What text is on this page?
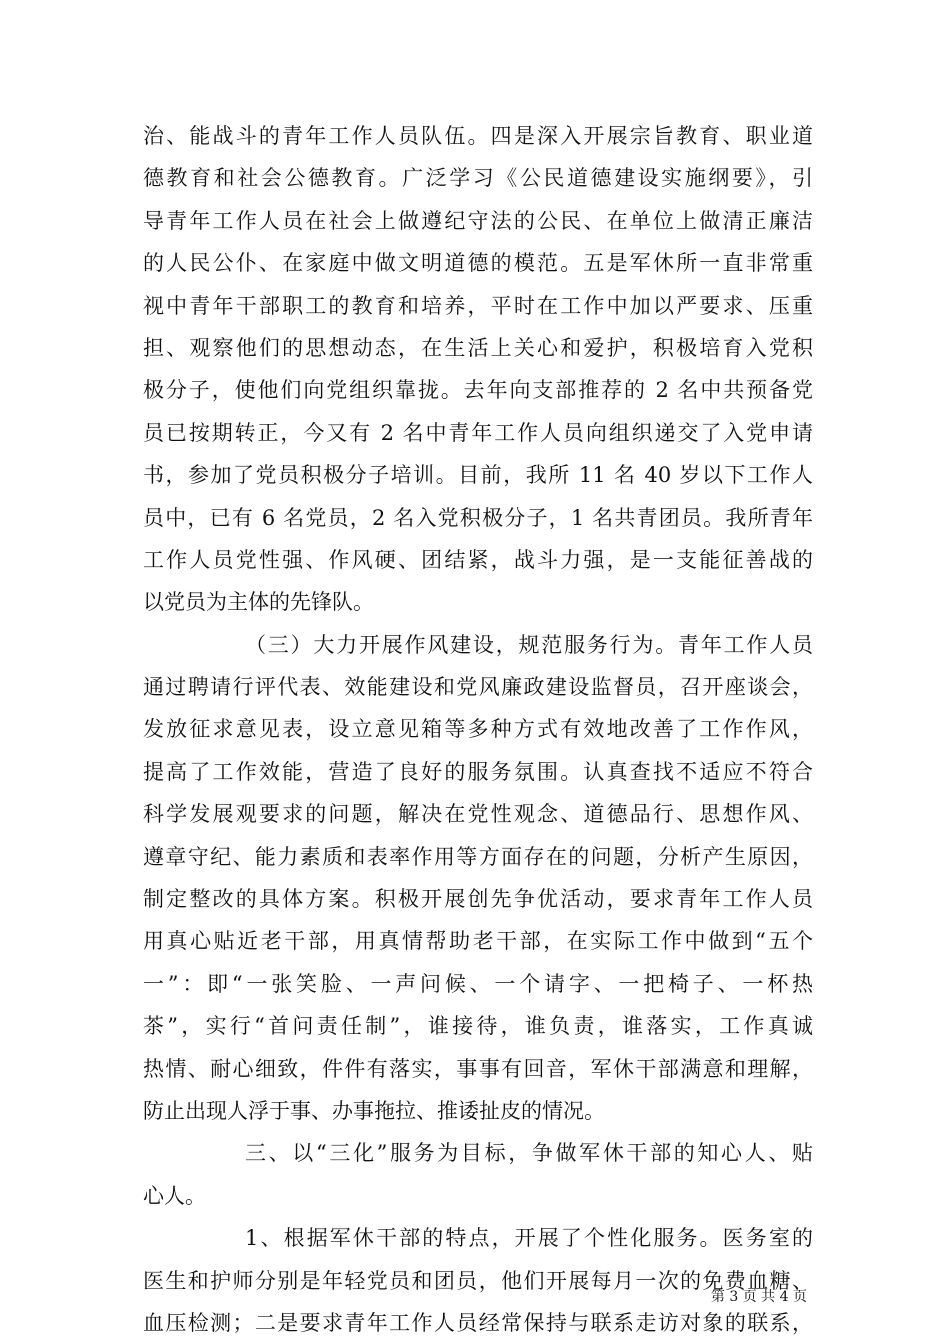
治、能战斗的青年工作人员队伍。四是深入开展宗旨教育、职业道
德教育和社会公德教育。广泛学习《公民道德建设实施纲要》，引
导青年工作人员在社会上做遵纪守法的公民、在单位上做清正廉洁
的人民公仆、在家庭中做文明道德的模范。五是军休所一直非常重
视中青年干部职工的教育和培养，平时在工作中加以严要求、压重
担、观察他们的思想动态，在生活上关心和爱护，积极培育入党积
极分子，使他们向党组织靠拢。去年向支部推荐的 2 名中共预备党
员已按期转正，今又有 2 名中青年工作人员向组织递交了入党申请
书，参加了党员积极分子培训。目前，我所 11 名 40 岁以下工作人
员中，已有 6 名党员，2 名入党积极分子，1 名共青团员。我所青年
工作人员党性强、作风硬、团结紧，战斗力强，是一支能征善战的
以党员为主体的先锋队。
（三）大力开展作风建设，规范服务行为。青年工作人员
通过聘请行评代表、效能建设和党风廉政建设监督员，召开座谈会，
发放征求意见表，设立意见箱等多种方式有效地改善了工作作风，
提高了工作效能，营造了良好的服务氛围。认真查找不适应不符合
科学发展观要求的问题，解决在党性观念、道德品行、思想作风、
遵章守纪、能力素质和表率作用等方面存在的问题，分析产生原因，
制定整改的具体方案。积极开展创先争优活动，要求青年工作人员
用真心贴近老干部，用真情帮助老干部，在实际工作中做到“五个
一”：即“一张笑脸、一声问候、一个请字、一把椅子、一杯热
茶”，实行“首问责任制”，谁接待，谁负责，谁落实，工作真诚
热情、耐心细致，件件有落实，事事有回音，军休干部满意和理解，
防止出现人浮于事、办事拖拉、推诿扯皮的情况。
三、以“三化”服务为目标，争做军休干部的知心人、贴
心人。
1、根据军休干部的特点，开展了个性化服务。医务室的
医生和护师分别是年轻党员和团员，他们开展每月一次的免费血糖、
血压检测；二是要求青年工作人员经常保持与联系走访对象的联系，
第 3 页 共 4 页
